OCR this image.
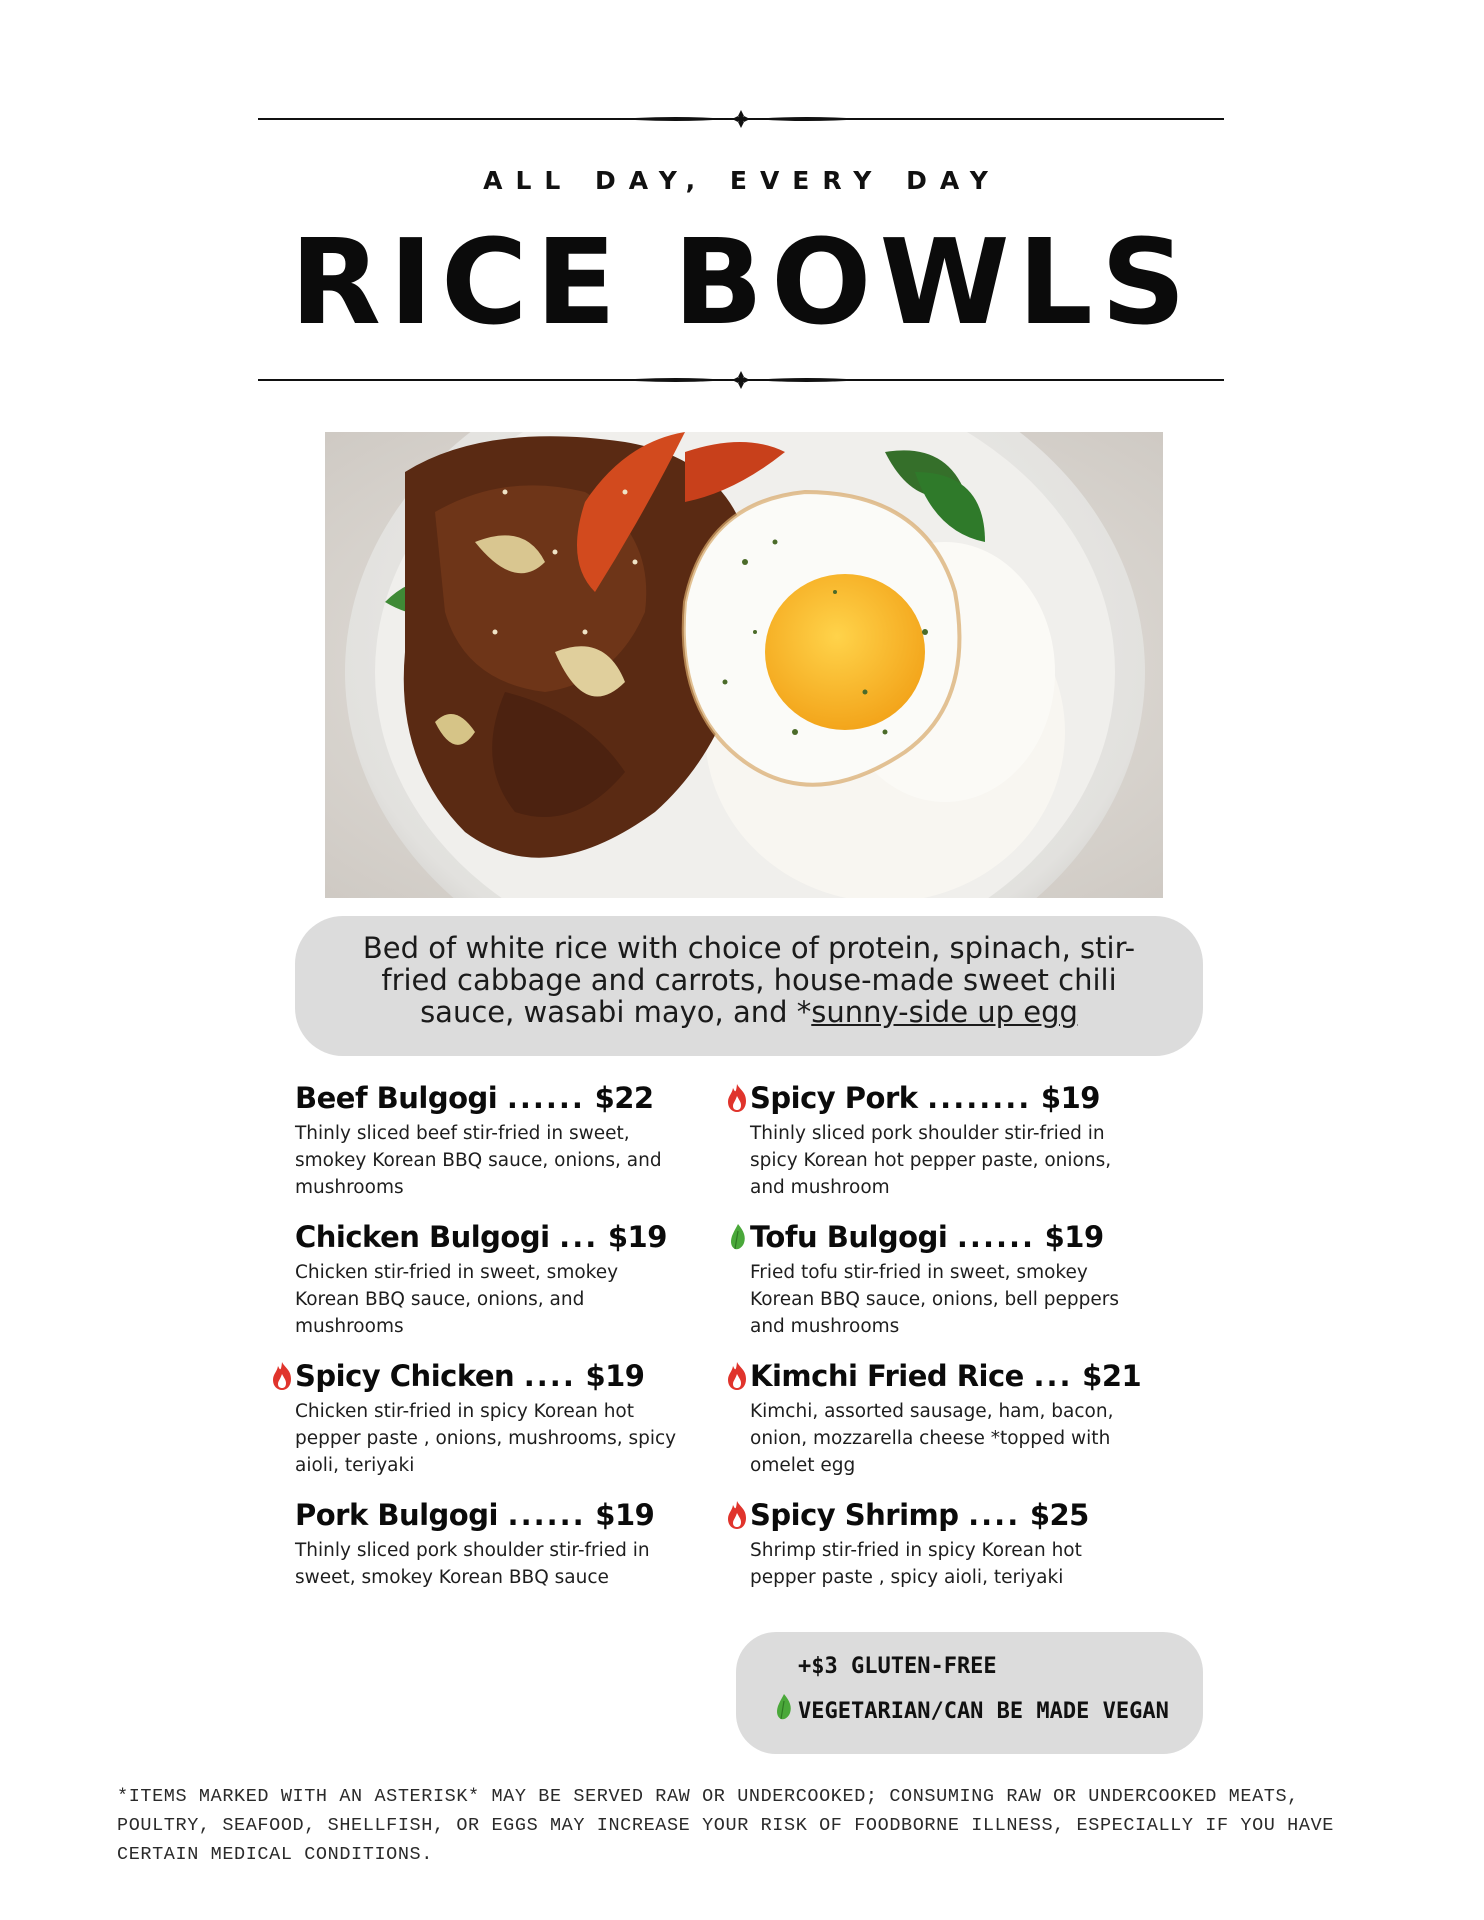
ALL DAY, EVERY DAY
RICE BOWLS
Bed of white rice with choice of protein, spinach, stir-fried cabbage and carrots, house-made sweet chili sauce, wasabi mayo, and *sunny-side up egg
Beef Bulgogi ...... $22
Thinly sliced beef stir-fried in sweet, smokey Korean BBQ sauce, onions, and mushrooms
Chicken Bulgogi ... $19
Chicken stir-fried in sweet, smokey Korean BBQ sauce, onions, and mushrooms
Spicy Chicken .... $19
Chicken stir-fried in spicy Korean hot pepper paste , onions, mushrooms, spicy aioli, teriyaki
Pork Bulgogi ...... $19
Thinly sliced pork shoulder stir-fried in sweet, smokey Korean BBQ sauce
Spicy Pork ........ $19
Thinly sliced pork shoulder stir-fried in spicy Korean hot pepper paste, onions, and mushroom
Tofu Bulgogi ...... $19
Fried tofu stir-fried in sweet, smokey Korean BBQ sauce, onions, bell peppers and mushrooms
Kimchi Fried Rice ... $21
Kimchi, assorted sausage, ham, bacon, onion, mozzarella cheese *topped with omelet egg
Spicy Shrimp .... $25
Shrimp stir-fried in spicy Korean hot pepper paste , spicy aioli, teriyaki
+$3 GLUTEN-FREE
VEGETARIAN/CAN BE MADE VEGAN
*ITEMS MARKED WITH AN ASTERISK* MAY BE SERVED RAW OR UNDERCOOKED; CONSUMING RAW OR UNDERCOOKED MEATS, POULTRY, SEAFOOD, SHELLFISH, OR EGGS MAY INCREASE YOUR RISK OF FOODBORNE ILLNESS, ESPECIALLY IF YOU HAVE CERTAIN MEDICAL CONDITIONS.
